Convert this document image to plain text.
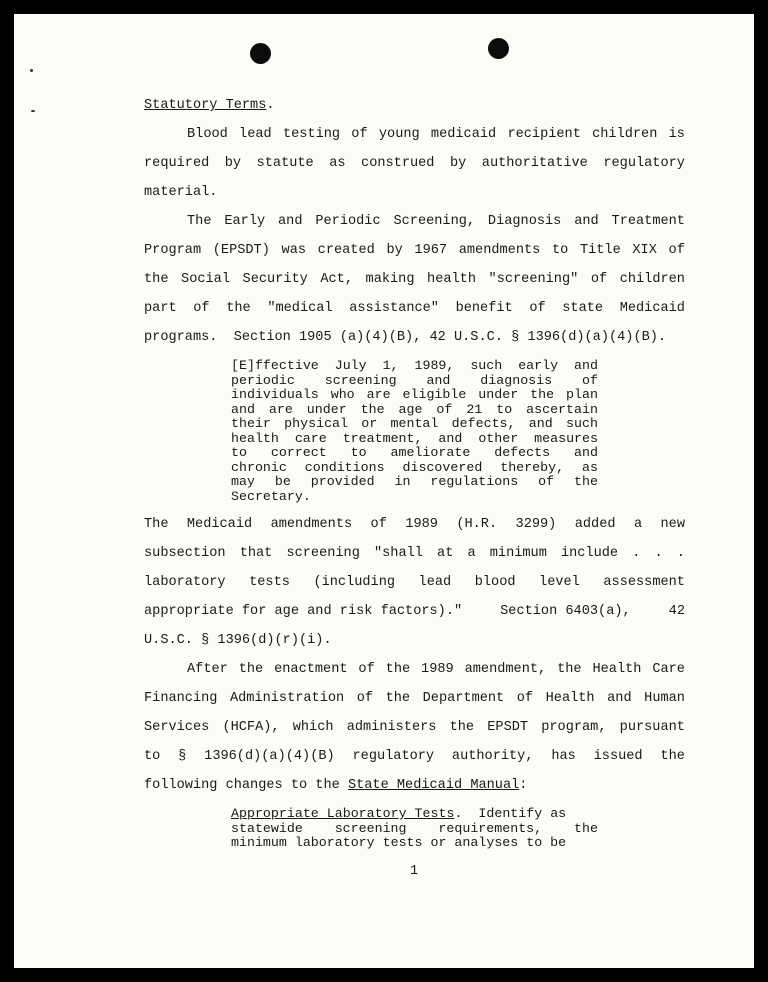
Statutory Terms.
Blood lead testing of young medicaid recipient children is
required by statute as construed by authoritative regulatory
material.
The Early and Periodic Screening, Diagnosis and Treatment
Program (EPSDT) was created by 1967 amendments to Title XIX of
the Social Security Act, making health "screening" of children
part of the "medical assistance" benefit of state Medicaid
programs.  Section 1905 (a)(4)(B), 42 U.S.C. § 1396(d)(a)(4)(B).
[E]ffective July 1, 1989, such early and
periodic screening and diagnosis of
individuals who are eligible under the plan
and are under the age of 21 to ascertain
their physical or mental defects, and such
health care treatment, and other measures
to correct to ameliorate defects and
chronic conditions discovered thereby, as
may be provided in regulations of the
Secretary.
The Medicaid amendments of 1989 (H.R. 3299) added a new
subsection that screening "shall at a minimum include . . .
laboratory tests (including lead blood level assessment
appropriate for age and risk factors)."	Section 6403(a),	42
U.S.C. § 1396(d)(r)(i).
After the enactment of the 1989 amendment, the Health Care
Financing Administration of the Department of Health and Human
Services (HCFA), which administers the EPSDT program, pursuant
to § 1396(d)(a)(4)(B) regulatory authority, has issued the
following changes to the State Medicaid Manual:
statewide screening requirements, the
minimum laboratory tests or analyses to be
Appropriate Laboratory Tests. Identify as
1
